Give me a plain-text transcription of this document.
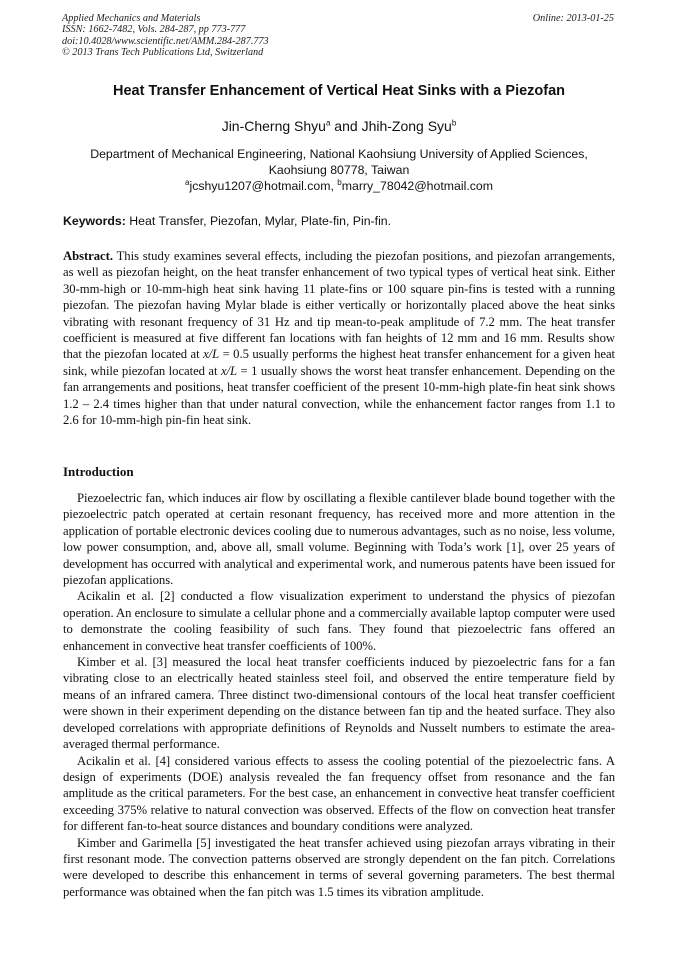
Applied Mechanics and Materials
ISSN: 1662-7482, Vols. 284-287, pp 773-777
doi:10.4028/www.scientific.net/AMM.284-287.773
© 2013 Trans Tech Publications Ltd, Switzerland
Online: 2013-01-25
Heat Transfer Enhancement of Vertical Heat Sinks with a Piezofan
Jin-Cherng Shyu$^a$ and Jhih-Zong Syu$^b$
Department of Mechanical Engineering, National Kaohsiung University of Applied Sciences,
Kaohsiung 80778, Taiwan
$^a$jcshyu1207@hotmail.com, $^b$marry_78042@hotmail.com
Keywords: Heat Transfer, Piezofan, Mylar, Plate-fin, Pin-fin.
Abstract. This study examines several effects, including the piezofan positions, and piezofan arrangements, as well as piezofan height, on the heat transfer enhancement of two typical types of vertical heat sink. Either 30-mm-high or 10-mm-high heat sink having 11 plate-fins or 100 square pin-fins is tested with a running piezofan. The piezofan having Mylar blade is either vertically or horizontally placed above the heat sinks vibrating with resonant frequency of 31 Hz and tip mean-to-peak amplitude of 7.2 mm. The heat transfer coefficient is measured at five different fan locations with fan heights of 12 mm and 16 mm. Results show that the piezofan located at x/L = 0.5 usually performs the highest heat transfer enhancement for a given heat sink, while piezofan located at x/L = 1 usually shows the worst heat transfer enhancement. Depending on the fan arrangements and positions, heat transfer coefficient of the present 10-mm-high plate-fin heat sink shows 1.2 – 2.4 times higher than that under natural convection, while the enhancement factor ranges from 1.1 to 2.6 for 10-mm-high pin-fin heat sink.
Introduction

Piezoelectric fan, which induces air flow by oscillating a flexible cantilever blade bound together with the piezoelectric patch operated at certain resonant frequency, has received more and more attention in the application of portable electronic devices cooling due to numerous advantages, such as no noise, less volume, low power consumption, and, above all, small volume. Beginning with Toda’s work [1], over 25 years of development has occurred with analytical and experimental work, and numerous patents have been issued for piezofan applications.

Acikalin et al. [2] conducted a flow visualization experiment to understand the physics of piezofan operation. An enclosure to simulate a cellular phone and a commercially available laptop computer were used to demonstrate the cooling feasibility of such fans. They found that piezoelectric fans offered an enhancement in convective heat transfer coefficients of 100%.

Kimber et al. [3] measured the local heat transfer coefficients induced by piezoelectric fans for a fan vibrating close to an electrically heated stainless steel foil, and observed the entire temperature field by means of an infrared camera. Three distinct two-dimensional contours of the local heat transfer coefficient were shown in their experiment depending on the distance between fan tip and the heated surface. They also developed correlations with appropriate definitions of Reynolds and Nusselt numbers to estimate the area-averaged thermal performance.

Acikalin et al. [4] considered various effects to assess the cooling potential of the piezoelectric fans. A design of experiments (DOE) analysis revealed the fan frequency offset from resonance and the fan amplitude as the critical parameters. For the best case, an enhancement in convective heat transfer coefficient exceeding 375% relative to natural convection was observed. Effects of the flow on convection heat transfer for different fan-to-heat source distances and boundary conditions were analyzed.

Kimber and Garimella [5] investigated the heat transfer achieved using piezofan arrays vibrating in their first resonant mode. The convection patterns observed are strongly dependent on the fan pitch. Correlations were developed to describe this enhancement in terms of several governing parameters. The best thermal performance was obtained when the fan pitch was 1.5 times its vibration amplitude.
